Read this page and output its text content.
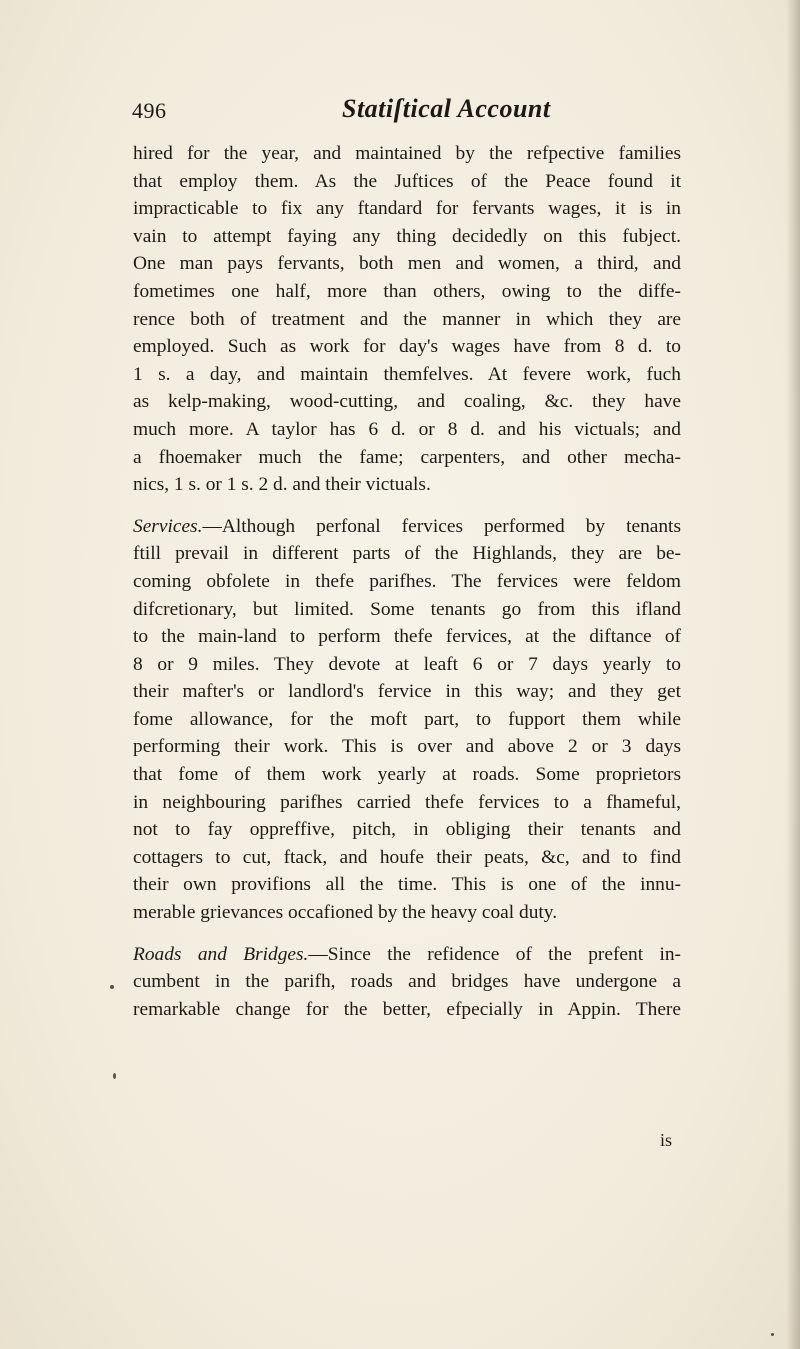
496	Statiſtical Account

hired for the year, and maintained by the refpective families
that employ them. As the Juftices of the Peace found it
impracticable to fix any ftandard for fervants wages, it is in
vain to attempt faying any thing decidedly on this fubject.
One man pays fervants, both men and women, a third, and
fometimes one half, more than others, owing to the diffe-
rence both of treatment and the manner in which they are
employed. Such as work for day's wages have from 8 d. to
1 s. a day, and maintain themfelves. At fevere work, fuch
as kelp-making, wood-cutting, and coaling, &c. they have
much more. A taylor has 6 d. or 8 d. and his victuals; and
a fhoemaker much the fame; carpenters, and other mecha-
nics, 1 s. or 1 s. 2 d. and their victuals.

Services.—Although perfonal fervices performed by tenants
ftill prevail in different parts of the Highlands, they are be-
coming obfolete in thefe parifhes. The fervices were feldom
difcretionary, but limited. Some tenants go from this ifland
to the main-land to perform thefe fervices, at the diftance of
8 or 9 miles. They devote at leaft 6 or 7 days yearly to
their mafter's or landlord's fervice in this way; and they get
fome allowance, for the moft part, to fupport them while
performing their work. This is over and above 2 or 3 days
that fome of them work yearly at roads. Some proprietors
in neighbouring parifhes carried thefe fervices to a fhameful,
not to fay oppreffive, pitch, in obliging their tenants and
cottagers to cut, ftack, and houfe their peats, &c, and to find
their own provifions all the time. This is one of the innu-
merable grievances occafioned by the heavy coal duty.

Roads and Bridges.—Since the refidence of the prefent in-
cumbent in the parifh, roads and bridges have undergone a
remarkable change for the better, efpecially in Appin. There

is
